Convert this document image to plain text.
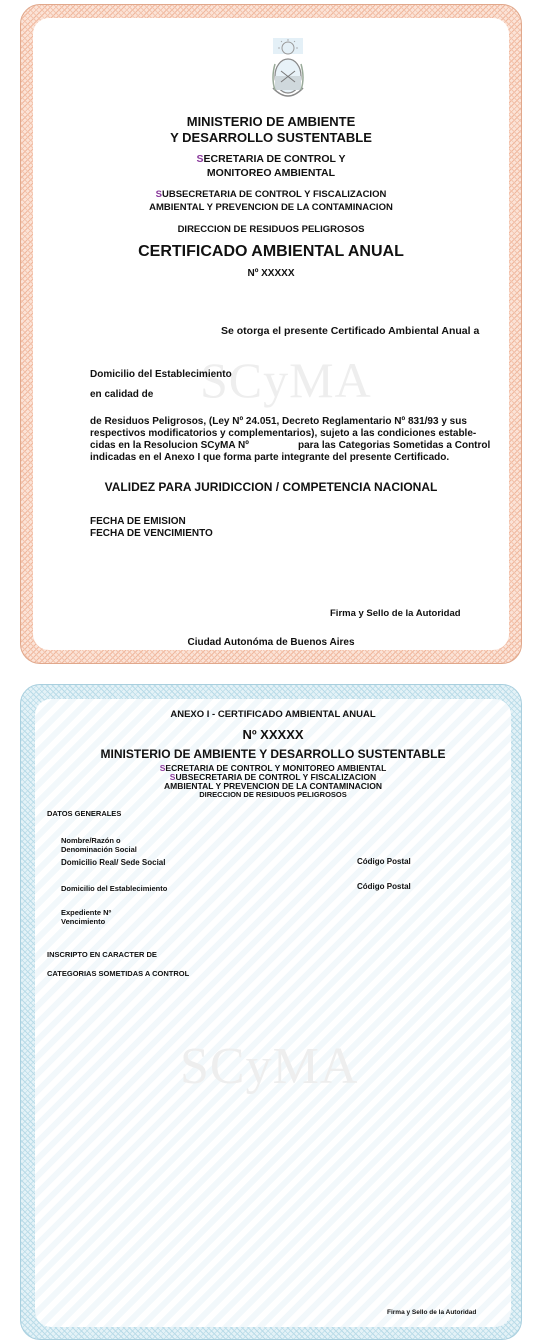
MINISTERIO DE AMBIENTE
Y DESARROLLO SUSTENTABLE
SECRETARIA DE CONTROL Y
MONITOREO AMBIENTAL
SUBSECRETARIA DE CONTROL Y FISCALIZACION
AMBIENTAL Y PREVENCION DE LA CONTAMINACION
DIRECCION DE RESIDUOS PELIGROSOS
CERTIFICADO AMBIENTAL ANUAL
Nº XXXXX
Se otorga el presente Certificado Ambiental Anual a
SCyMA
Domicilio del Establecimiento
en calidad de
de Residuos Peligrosos, (Ley Nº 24.051, Decreto Reglamentario Nº 831/93 y sus
respectivos modificatorios y complementarios), sujeto a las condiciones estable-
cidas en la Resolucion SCyMA Nº	para las Categorias Sometidas a Control
indicadas en el Anexo I que forma parte integrante del presente Certificado.
VALIDEZ PARA JURIDICCION / COMPETENCIA NACIONAL
FECHA DE EMISION
FECHA DE VENCIMIENTO
Firma y Sello de la Autoridad
Ciudad Autonóma de Buenos Aires
ANEXO I - CERTIFICADO AMBIENTAL ANUAL
Nº XXXXX
MINISTERIO DE AMBIENTE Y DESARROLLO SUSTENTABLE
SECRETARIA DE CONTROL Y MONITOREO AMBIENTAL
SUBSECRETARIA DE CONTROL Y FISCALIZACION
AMBIENTAL Y PREVENCION DE LA CONTAMINACION
DIRECCION DE RESIDUOS PELIGROSOS
DATOS GENERALES
Nombre/Razón o
Denominación Social
Domicilio Real/ Sede Social	Código Postal
Domicilio del Establecimiento	Código Postal
Expediente Nº
Vencimiento
INSCRIPTO EN CARACTER DE
CATEGORIAS SOMETIDAS A CONTROL
SCyMA
Firma y Sello de la Autoridad
